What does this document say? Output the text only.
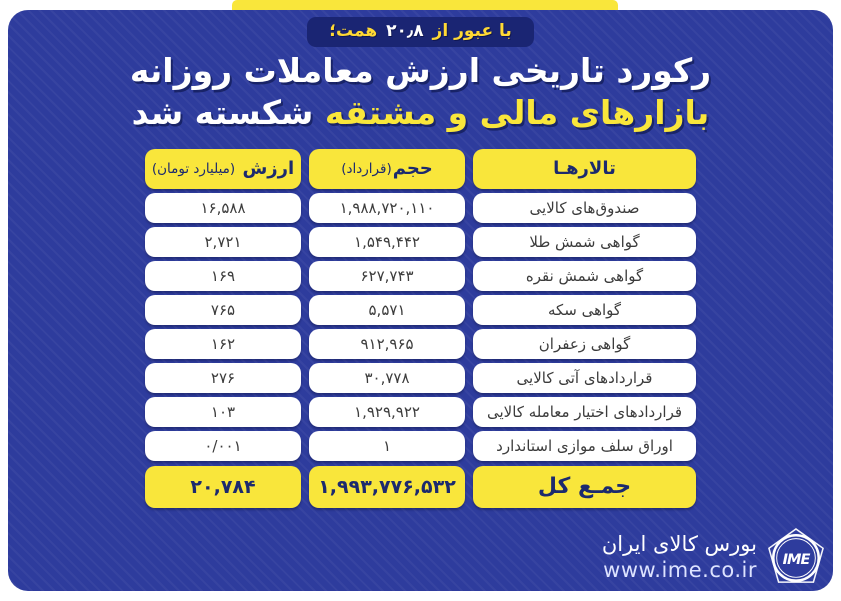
با عبور از ۲۰٫۸ همت؛
رکورد تاریخی ارزش معاملات روزانه
بازارهای مالی و مشتقه شکسته شد
تالارهـا
حجم
(قرارداد)
ارزش

(میلیارد تومان)
صندوق‌های کالایی
۱,۹۸۸,۷۲۰,۱۱۰
۱۶,۵۸۸
گواهی شمش طلا
۱,۵۴۹,۴۴۲
۲,۷۲۱
گواهی شمش نقره
۶۲۷,۷۴۳
۱۶۹
گواهی سکه
۵,۵۷۱
۷۶۵
گواهی زعفران
۹۱۲,۹۶۵
۱۶۲
قراردادهای آتی کالایی
۳۰,۷۷۸
۲۷۶
قراردادهای اختیار معامله کالایی
۱,۹۲۹,۹۲۲
۱۰۳
اوراق سلف موازی استاندارد
۱
۰/۰۰۱
جمـع کل
۱,۹۹۳,۷۷۶,۵۳۲
۲۰,۷۸۴
بورس کالای ایران
www.ime.co.ir IME
